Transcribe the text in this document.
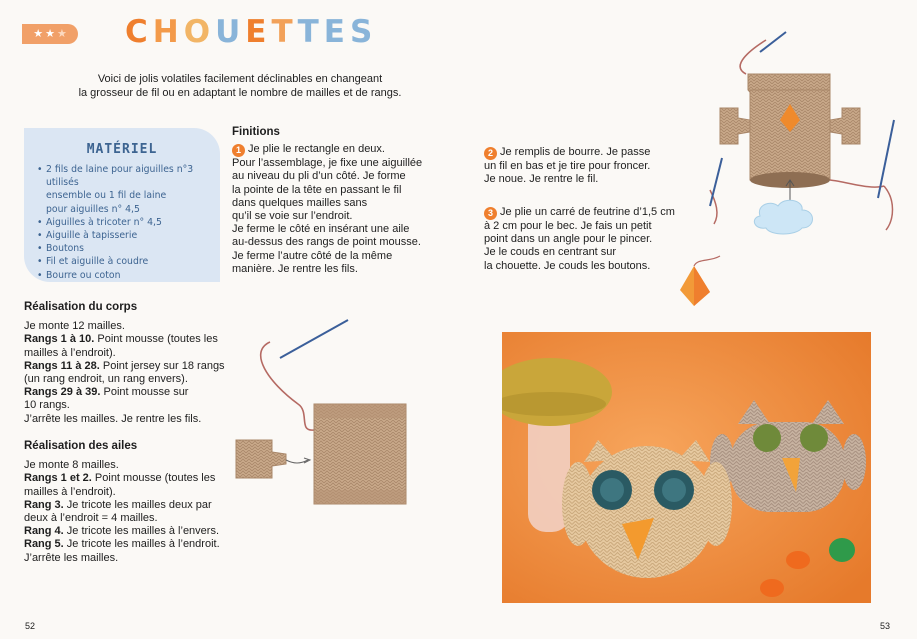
★ ★ ★ CHOUETTES
Voici de jolis volatiles facilement déclinables en changeant
la grosseur de fil ou en adaptant le nombre de mailles et de rangs.
MATÉRIEL
• 2 fils de laine pour aiguilles n°3 utilisés
ensemble ou 1 fil de laine
pour aiguilles n° 4,5
• Aiguilles à tricoter n° 4,5
• Aiguille à tapisserie
• Boutons
• Fil et aiguille à coudre
• Bourre ou coton
Réalisation du corps

Je monte 12 mailles.

Rangs 1 à 10. Point mousse (toutes les

mailles à l’endroit).

Rangs 11 à 28. Point jersey sur 18 rangs

(un rang endroit, un rang envers).

Rangs 29 à 39. Point mousse sur

10 rangs.

J’arrête les mailles. Je rentre les fils.

Réalisation des ailes

Je monte 8 mailles.

Rangs 1 et 2. Point mousse (toutes les

mailles à l’endroit).

Rang 3. Je tricote les mailles deux par

deux à l’endroit = 4 mailles.

Rang 4. Je tricote les mailles à l’envers.

Rang 5. Je tricote les mailles à l’endroit.

J’arrête les mailles.

Finitions

1 Je plie le rectangle en deux.

Pour l’assemblage, je fixe une aiguillée

au niveau du pli d’un côté. Je forme

la pointe de la tête en passant le fil

dans quelques mailles sans

qu’il se voie sur l’endroit.

Je ferme le côté en insérant une aile

au-dessus des rangs de point mousse.

Je ferme l’autre côté de la même

manière. Je rentre les fils.

2 Je remplis de bourre. Je passe

un fil en bas et je tire pour froncer.

Je noue. Je rentre le fil.

3 Je plie un carré de feutrine d’1,5 cm

à 2 cm pour le bec. Je fais un petit

point dans un angle pour le pincer.

Je le couds en centrant sur

la chouette. Je couds les boutons.

52	53
